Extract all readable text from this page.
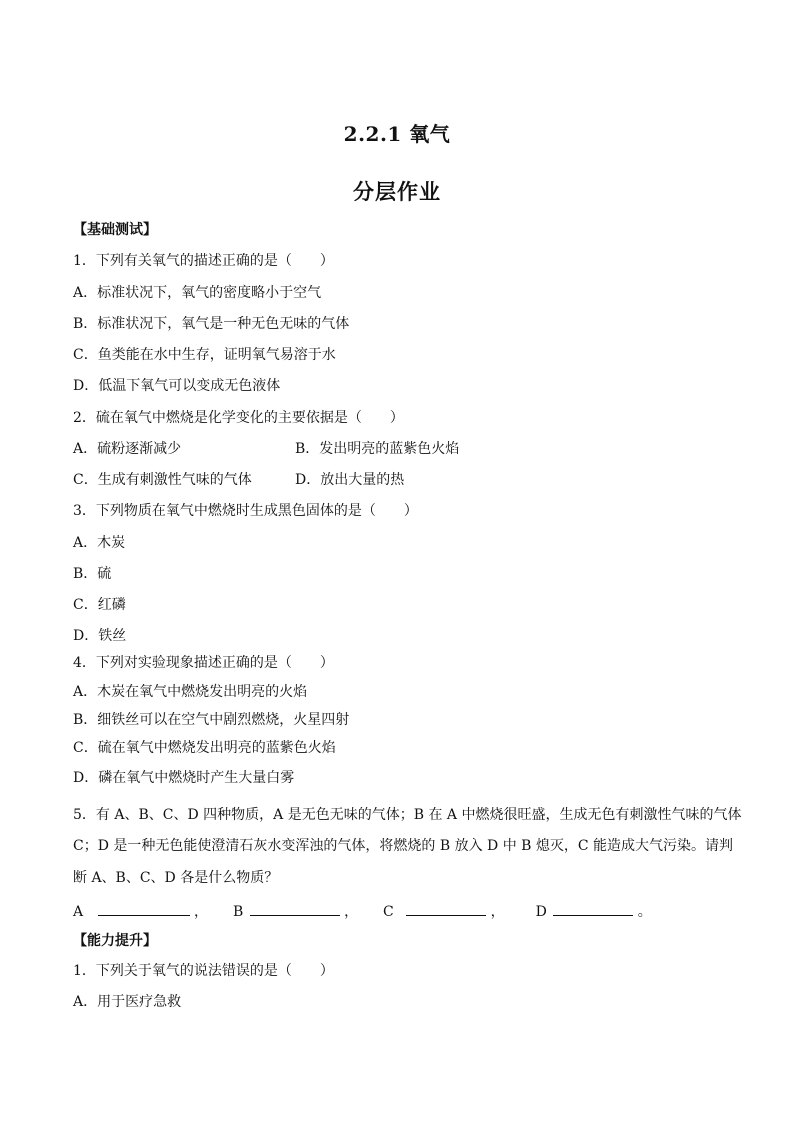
2.2.1 氧气
分层作业
【基础测试】
1．下列有关氧气的描述正确的是（　　）
A．标准状况下，氧气的密度略小于空气
B．标准状况下，氧气是一种无色无味的气体
C．鱼类能在水中生存，证明氧气易溶于水
D．低温下氧气可以变成无色液体
2．硫在氧气中燃烧是化学变化的主要依据是（　　）
A．硫粉逐渐减少	B．发出明亮的蓝紫色火焰
C．生成有刺激性气味的气体	D．放出大量的热
3．下列物质在氧气中燃烧时生成黑色固体的是（　　）
A．木炭
B．硫
C．红磷
D．铁丝
4．下列对实验现象描述正确的是（　　）
A．木炭在氧气中燃烧发出明亮的火焰
B．细铁丝可以在空气中剧烈燃烧，火星四射
C．硫在氧气中燃烧发出明亮的蓝紫色火焰
D．磷在氧气中燃烧时产生大量白雾
5．有 A、B、C、D 四种物质，A 是无色无味的气体；B 在 A 中燃烧很旺盛，生成无色有刺激性气味的气体
C；D 是一种无色能使澄清石灰水变浑浊的气体，将燃烧的 B 放入 D 中 B 熄灭，C 能造成大气污染。请判
断 A、B、C、D 各是什么物质？
A	， B	， C	， D	。
【能力提升】
1．下列关于氧气的说法错误的是（　　）
A．用于医疗急救
